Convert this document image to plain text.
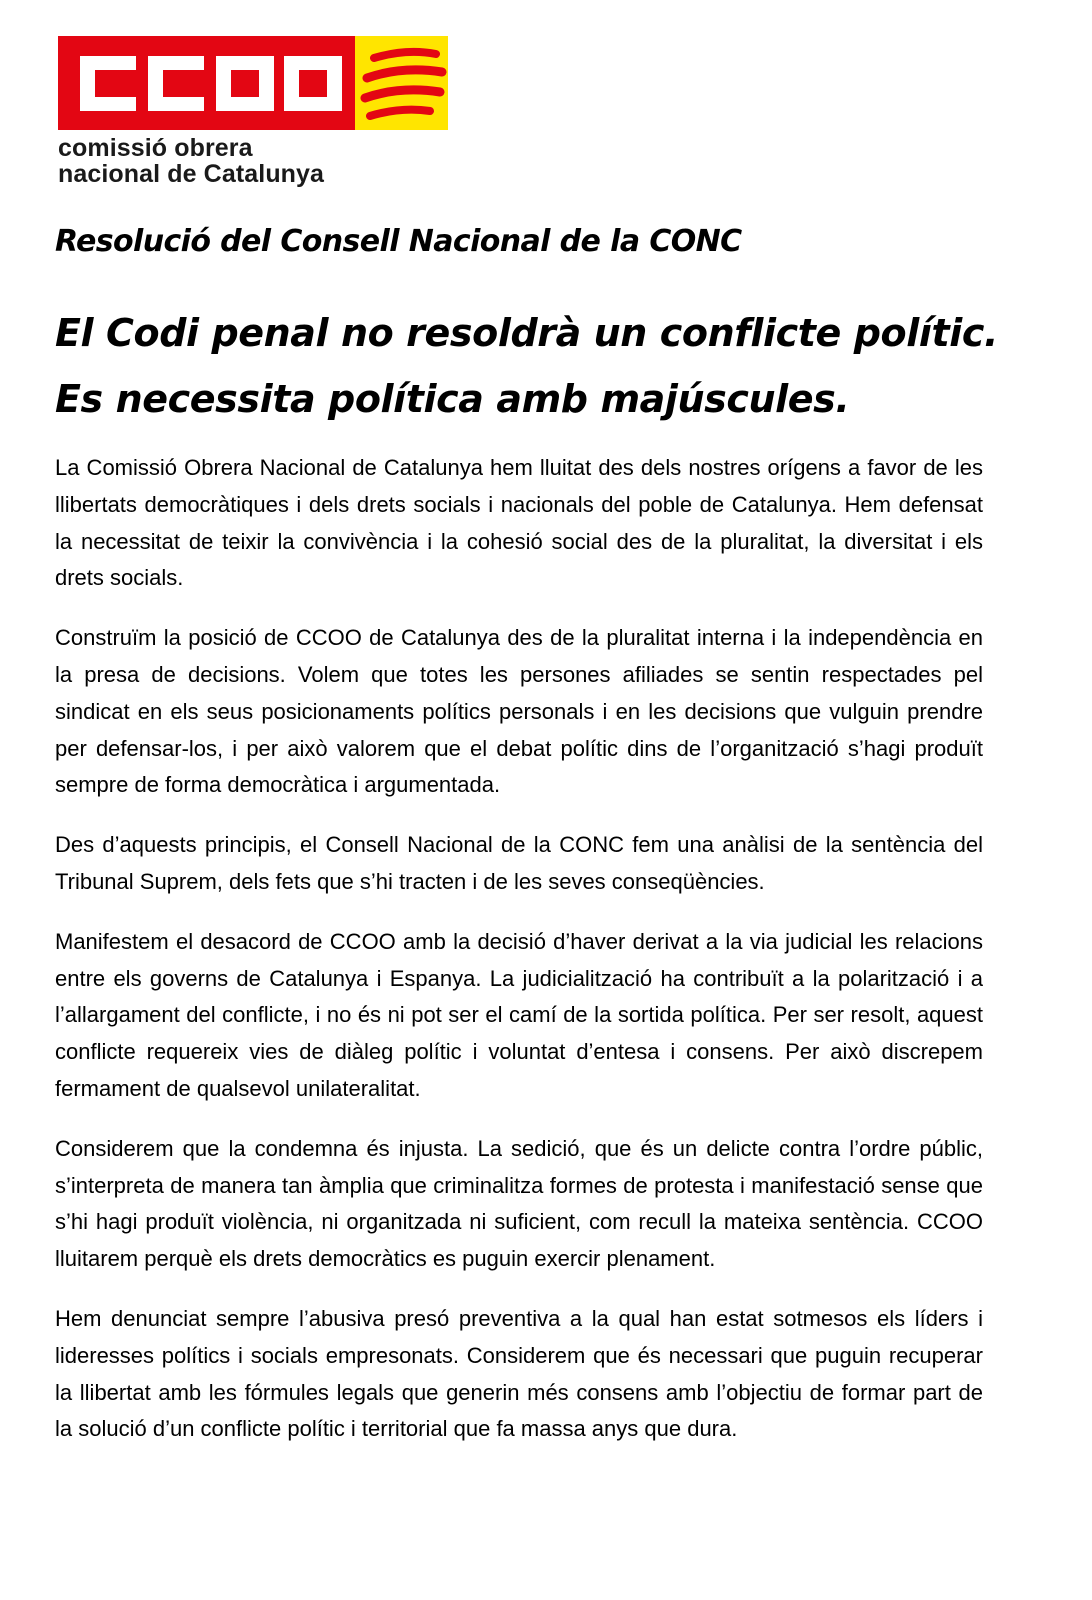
comissió obrera
nacional de Catalunya
Resolució del Consell Nacional de la CONC
El Codi penal no resoldrà un conflicte polític.
Es necessita política amb majúscules.

La Comissió Obrera Nacional de Catalunya hem lluitat des dels nostres orígens a favor de les llibertats democràtiques i dels drets socials i nacionals del poble de Catalunya. Hem defensat la necessitat de teixir la convivència i la cohesió social des de la pluralitat, la diversitat i els drets socials.

Construïm la posició de CCOO de Catalunya des de la pluralitat interna i la independència en la presa de decisions. Volem que totes les persones afiliades se sentin respectades pel sindicat en els seus posicionaments polítics personals i en les decisions que vulguin prendre per defensar-los, i per això valorem que el debat polític dins de l’organització s’hagi produït sempre de forma democràtica i argumentada.

Des d’aquests principis, el Consell Nacional de la CONC fem una anàlisi de la sentència del Tribunal Suprem, dels fets que s’hi tracten i de les seves conseqüències.

Manifestem el desacord de CCOO amb la decisió d’haver derivat a la via judicial les relacions entre els governs de Catalunya i Espanya. La judicialització ha contribuït a la polarització i a l’allargament del conflicte, i no és ni pot ser el camí de la sortida política. Per ser resolt, aquest conflicte requereix vies de diàleg polític i voluntat d’entesa i consens. Per això discrepem fermament de qualsevol unilateralitat.

Considerem que la condemna és injusta. La sedició, que és un delicte contra l’ordre públic, s’interpreta de manera tan àmplia que criminalitza formes de protesta i manifestació sense que s’hi hagi produït violència, ni organitzada ni suficient, com recull la mateixa sentència. CCOO lluitarem perquè els drets democràtics es puguin exercir plenament.

Hem denunciat sempre l’abusiva presó preventiva a la qual han estat sotmesos els líders i lideresses polítics i socials empresonats. Considerem que és necessari que puguin recuperar la llibertat amb les fórmules legals que generin més consens amb l’objectiu de formar part de la solució d’un conflicte polític i territorial que fa massa anys que dura.
